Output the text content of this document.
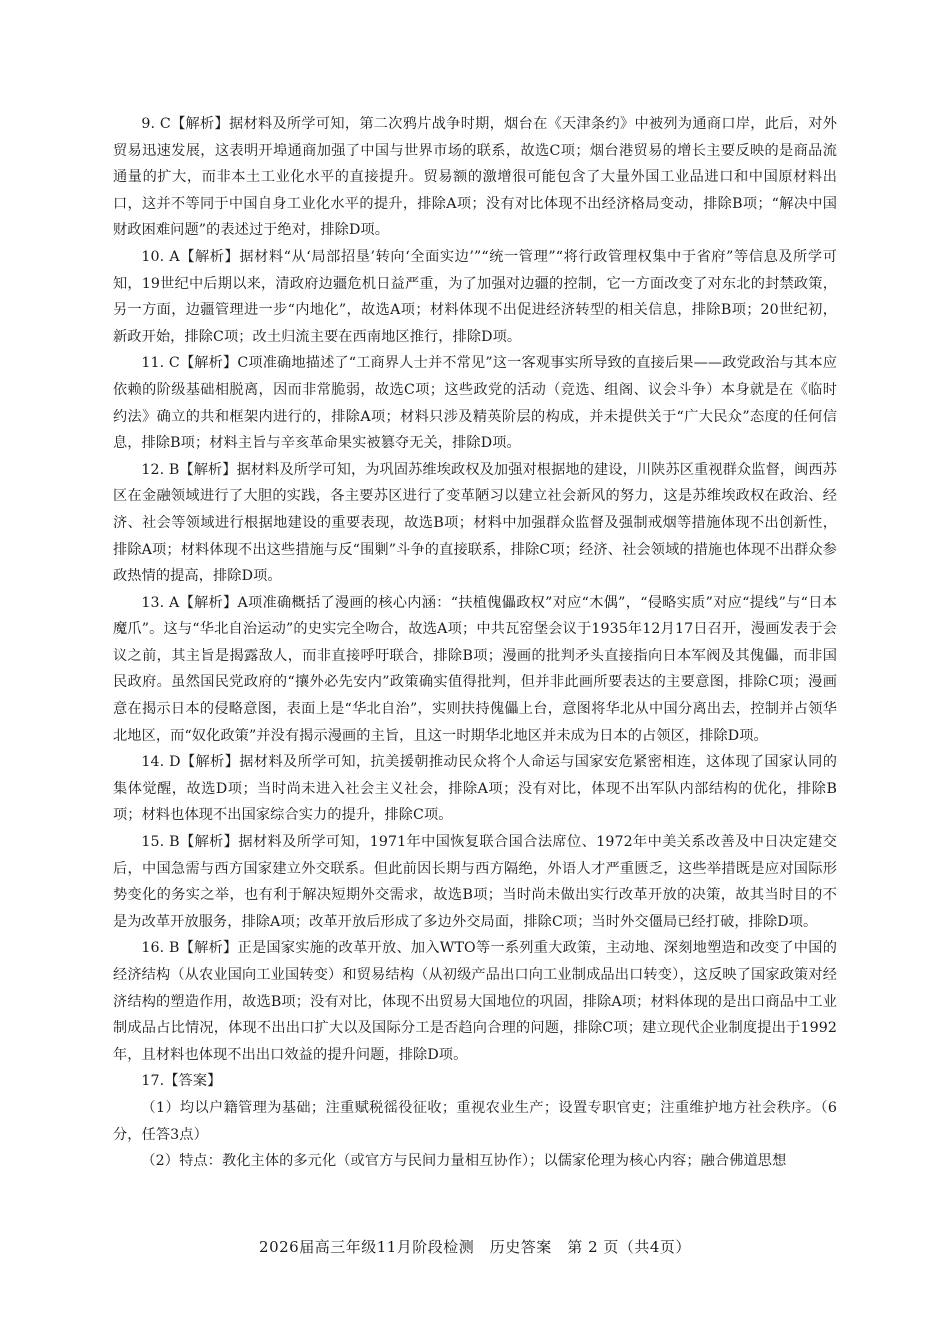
9. C【解析】据材料及所学可知，第二次鸦片战争时期，烟台在《天津条约》中被列为通商口岸，此后，对外贸易迅速发展，这表明开埠通商加强了中国与世界市场的联系，故选C项；烟台港贸易的增长主要反映的是商品流通量的扩大，而非本土工业化水平的直接提升。贸易额的激增很可能包含了大量外国工业品进口和中国原材料出口，这并不等同于中国自身工业化水平的提升，排除A项；没有对比体现不出经济格局变动，排除B项；“解决中国财政困难问题”的表述过于绝对，排除D项。

10. A【解析】据材料“从‘局部招垦’转向‘全面实边’”“统一管理”“将行政管理权集中于省府”等信息及所学可知，19世纪中后期以来，清政府边疆危机日益严重，为了加强对边疆的控制，它一方面改变了对东北的封禁政策，另一方面，边疆管理进一步“内地化”，故选A项；材料体现不出促进经济转型的相关信息，排除B项；20世纪初，新政开始，排除C项；改土归流主要在西南地区推行，排除D项。

11. C【解析】C项准确地描述了“工商界人士并不常见”这一客观事实所导致的直接后果——政党政治与其本应依赖的阶级基础相脱离，因而非常脆弱，故选C项；这些政党的活动（竞选、组阁、议会斗争）本身就是在《临时约法》确立的共和框架内进行的，排除A项；材料只涉及精英阶层的构成，并未提供关于“广大民众”态度的任何信息，排除B项；材料主旨与辛亥革命果实被篡夺无关，排除D项。

12. B【解析】据材料及所学可知，为巩固苏维埃政权及加强对根据地的建设，川陕苏区重视群众监督，闽西苏区在金融领域进行了大胆的实践，各主要苏区进行了变革陋习以建立社会新风的努力，这是苏维埃政权在政治、经济、社会等领域进行根据地建设的重要表现，故选B项；材料中加强群众监督及强制戒烟等措施体现不出创新性，排除A项；材料体现不出这些措施与反“围剿”斗争的直接联系，排除C项；经济、社会领域的措施也体现不出群众参政热情的提高，排除D项。

13. A【解析】A项准确概括了漫画的核心内涵：“扶植傀儡政权”对应“木偶”，“侵略实质”对应“提线”与“日本魔爪”。这与“华北自治运动”的史实完全吻合，故选A项；中共瓦窑堡会议于1935年12月17日召开，漫画发表于会议之前，其主旨是揭露敌人，而非直接呼吁联合，排除B项；漫画的批判矛头直接指向日本军阀及其傀儡，而非国民政府。虽然国民党政府的“攘外必先安内”政策确实值得批判，但并非此画所要表达的主要意图，排除C项；漫画意在揭示日本的侵略意图，表面上是“华北自治”，实则扶持傀儡上台，意图将华北从中国分离出去，控制并占领华北地区，而“奴化政策”并没有揭示漫画的主旨，且这一时期华北地区并未成为日本的占领区，排除D项。

14. D【解析】据材料及所学可知，抗美援朝推动民众将个人命运与国家安危紧密相连，这体现了国家认同的集体觉醒，故选D项；当时尚未进入社会主义社会，排除A项；没有对比，体现不出军队内部结构的优化，排除B项；材料也体现不出国家综合实力的提升，排除C项。

15. B【解析】据材料及所学可知，1971年中国恢复联合国合法席位、1972年中美关系改善及中日决定建交后，中国急需与西方国家建立外交联系。但此前因长期与西方隔绝，外语人才严重匮乏，这些举措既是应对国际形势变化的务实之举，也有利于解决短期外交需求，故选B项；当时尚未做出实行改革开放的决策，故其当时目的不是为改革开放服务，排除A项；改革开放后形成了多边外交局面，排除C项；当时外交僵局已经打破，排除D项。

16. B【解析】正是国家实施的改革开放、加入WTO等一系列重大政策，主动地、深刻地塑造和改变了中国的经济结构（从农业国向工业国转变）和贸易结构（从初级产品出口向工业制成品出口转变），这反映了国家政策对经济结构的塑造作用，故选B项；没有对比，体现不出贸易大国地位的巩固，排除A项；材料体现的是出口商品中工业制成品占比情况，体现不出出口扩大以及国际分工是否趋向合理的问题，排除C项；建立现代企业制度提出于1992年，且材料也体现不出出口效益的提升问题，排除D项。

17.【答案】

（1）均以户籍管理为基础；注重赋税徭役征收；重视农业生产；设置专职官吏；注重维护地方社会秩序。（6分，任答3点）

（2）特点：教化主体的多元化（或官方与民间力量相互协作）；以儒家伦理为核心内容；融合佛道思想

2026届高三年级11月阶段检测　历史答案　第 2 页（共4页）
